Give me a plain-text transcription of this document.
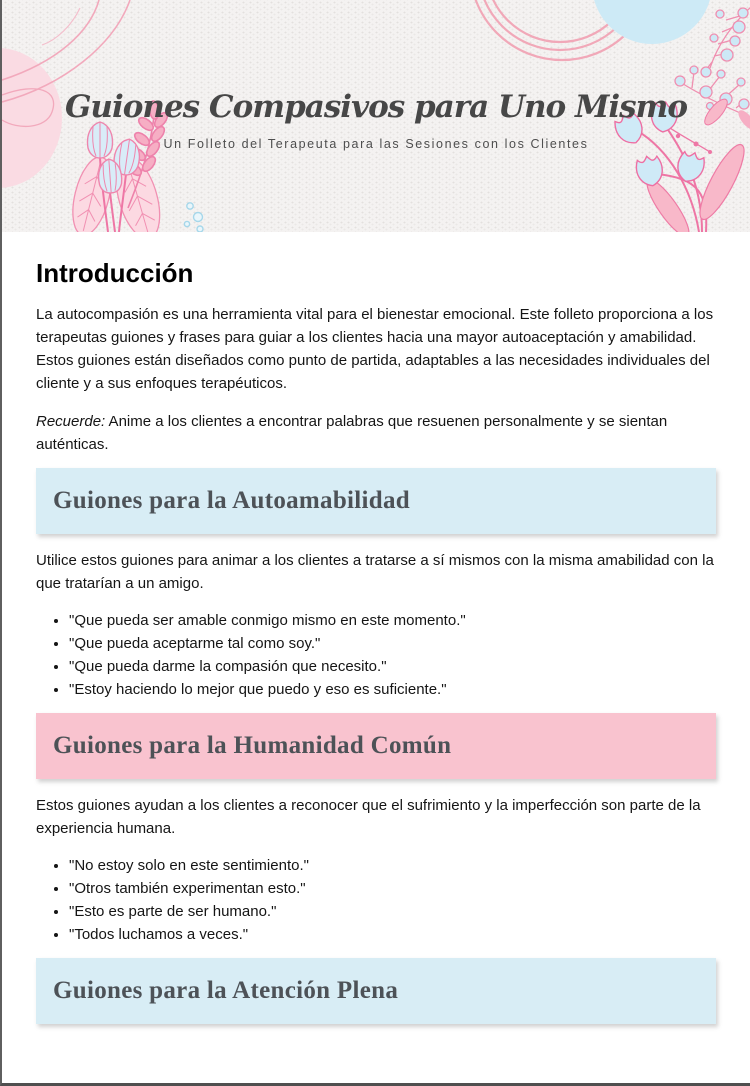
Guiones Compasivos para Uno Mismo
Un Folleto del Terapeuta para las Sesiones con los Clientes
Introducción

La autocompasión es una herramienta vital para el bienestar emocional. Este folleto proporciona a los terapeutas guiones y frases para guiar a los clientes hacia una mayor autoaceptación y amabilidad. Estos guiones están diseñados como punto de partida, adaptables a las necesidades individuales del cliente y a sus enfoques terapéuticos.

Recuerde: Anime a los clientes a encontrar palabras que resuenen personalmente y se sientan auténticas.

Guiones para la Autoamabilidad

Utilice estos guiones para animar a los clientes a tratarse a sí mismos con la misma amabilidad con la que tratarían a un amigo.

• "Que pueda ser amable conmigo mismo en este momento."
• "Que pueda aceptarme tal como soy."
• "Que pueda darme la compasión que necesito."
• "Estoy haciendo lo mejor que puedo y eso es suficiente."
Guiones para la Humanidad Común

Estos guiones ayudan a los clientes a reconocer que el sufrimiento y la imperfección son parte de la experiencia humana.

• "No estoy solo en este sentimiento."
• "Otros también experimentan esto."
• "Esto es parte de ser humano."
• "Todos luchamos a veces."
Guiones para la Atención Plena
